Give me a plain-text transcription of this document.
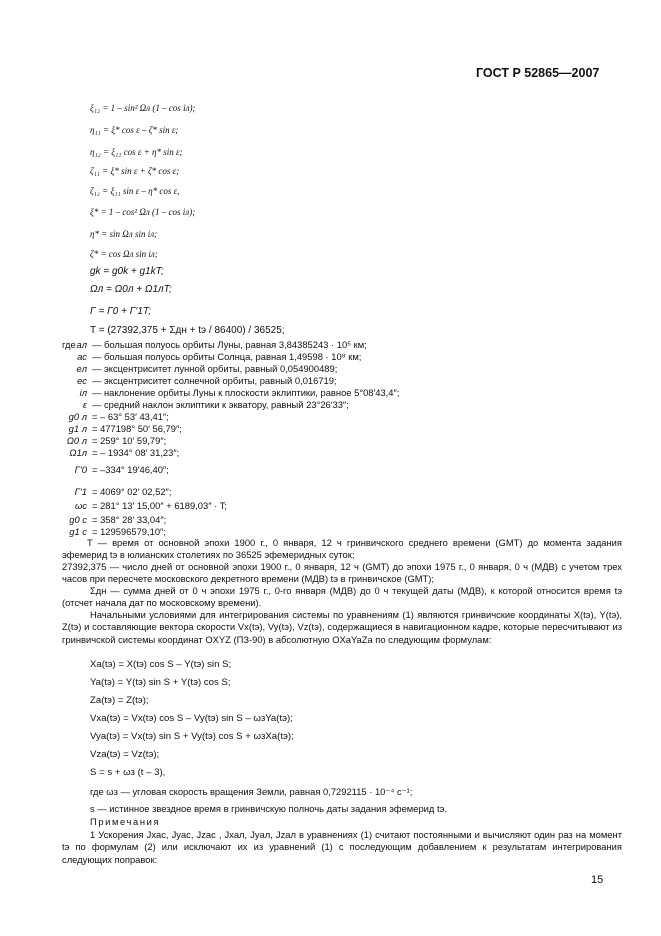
ГОСТ Р 52865—2007
ξ₁₂ = 1 – sin² Ωл (1 – cos iл);
η₁₁ = ξ* cos ε – ζ* sin ε;
η₁₂ = ξ₁₁ cos ε + η* sin ε;
ζ₁₁ = ξ* sin ε + ζ* cos ε;
ζ₁₂ = ξ₁₁ sin ε – η* cos ε,
ξ* = 1 – cos² Ωл (1 – cos iл);
η* = sin Ωл sin iл;
ζ* = cos Ωл sin iл;
gk = g0k + g1kT;
Ωл = Ω0л + Ω1лT;
Γ = Γ0 + Γ′1T;
T = (27392,375 + Σдн + tэ / 86400) / 36525;
где aл — большая полуось орбиты Луны, равная 3,84385243 · 10⁵ км;
aс — большая полуось орбиты Солнца, равная 1,49598 · 10⁸ км;
eл — эксцентриситет лунной орбиты, равный 0,054900489;
eс — эксцентриситет солнечной орбиты, равный 0,016719;
iл — наклонение орбиты Луны к плоскости эклиптики, равное 5°08′43,4″;
ε — средний наклон эклиптики к экватору, равный 23°26′33″;
g0 л = – 63° 53′ 43,41″;
g1 л = 477198° 50′ 56,79″;
Ω0 л = 259° 10′ 59,79″;
Ω1л = – 1934° 08′ 31,23″;
Γ′0 = –334° 19′46,40″;
Γ′1 = 4069° 02′ 02,52″;
ωс = 281° 13′ 15,00″ + 6189,03″ · T;
g0 с = 358° 28′ 33,04″;
g1 с = 129596579,10″;
T — время от основной эпохи 1900 г., 0 января, 12 ч гринвичского среднего времени (GMT) до момента задания эфемерид tэ в юлианских столетиях по 36525 эфемеридных суток;
27392,375 — число дней от основной эпохи 1900 г., 0 января, 12 ч (GMT) до эпохи 1975 г., 0 января, 0 ч (МДВ) с учетом трех часов при пересчете московского декретного времени (МДВ) tэ в гринвичское (GMT);
Σдн — сумма дней от 0 ч эпохи 1975 г., 0-го января (МДВ) до 0 ч текущей даты (МДВ), к которой относится время tэ (отсчет начала дат по московскому времени).
Начальными условиями для интегрирования системы по уравнениям (1) являются гринвичские координаты X(tэ), Y(tэ), Z(tэ) и составляющие вектора скорости Vx(tэ), Vy(tэ), Vz(tэ), содержащиеся в навигационном кадре, которые пересчитывают из гринвичской системы координат OXYZ (ПЗ-90) в абсолютную OXaYaZa по следующим формулам:
Xa(tэ) = X(tэ) cos S – Y(tэ) sin S;
Ya(tэ) = Y(tэ) sin S + Y(tэ) cos S;
Za(tэ) = Z(tэ);
Vxa(tэ) = Vx(tэ) cos S – Vy(tэ) sin S – ωзYa(tэ);
Vya(tэ) = Vx(tэ) sin S + Vy(tэ) cos S + ωзXa(tэ);
Vza(tэ) = Vz(tэ);
S = s + ωз (t – 3),
где ωз — угловая скорость вращения Земли, равная 0,7292115 · 10⁻⁴ с⁻¹;
s — истинное звездное время в гринвичскую полночь даты задания эфемерид tэ.
Примечания
1 Ускорения Jxac, Jyac, Jzac , Jxaл, Jyaл, Jzaл в уравнениях (1) считают постоянными и вычисляют один раз на момент tэ по формулам (2) или исключают их из уравнений (1) с последующим добавлением к результатам интегрирования следующих поправок:
15
